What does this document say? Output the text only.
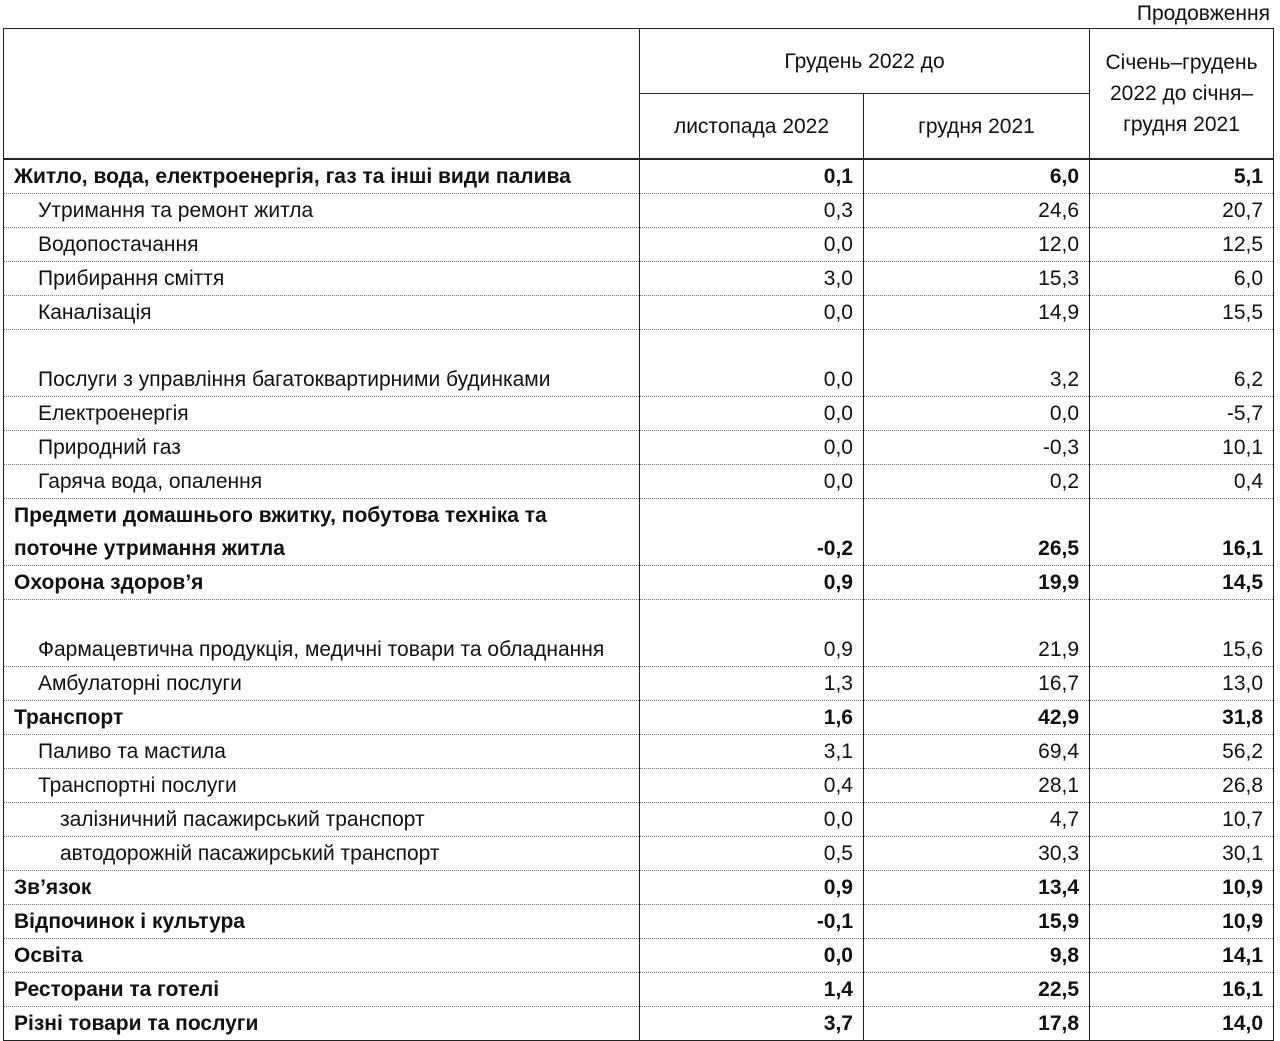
Продовження
	Грудень 2022 до		Січень–грудень 2022 до січня–грудня 2021
	листопада 2022	грудня 2021	
Житло, вода, електроенергія, газ та інші види палива	0,1	6,0	5,1
Утримання та ремонт житла	0,3	24,6	20,7
Водопостачання	0,0	12,0	12,5
Прибирання сміття	3,0	15,3	6,0
Каналізація	0,0	14,9	15,5
Послуги з управління багатоквартирними будинками	0,0	3,2	6,2
Електроенергія	0,0	0,0	-5,7
Природний газ	0,0	-0,3	10,1
Гаряча вода, опалення	0,0	0,2	0,4
Предмети домашнього вжитку, побутова техніка та поточне утримання житла	-0,2	26,5	16,1
Охорона здоров’я	0,9	19,9	14,5
Фармацевтична продукція, медичні товари та обладнання	0,9	21,9	15,6
Амбулаторні послуги	1,3	16,7	13,0
Транспорт	1,6	42,9	31,8
Паливо та мастила	3,1	69,4	56,2
Транспортні послуги	0,4	28,1	26,8
залізничний пасажирський транспорт	0,0	4,7	10,7
автодорожній пасажирський транспорт	0,5	30,3	30,1
Зв’язок	0,9	13,4	10,9
Відпочинок і культура	-0,1	15,9	10,9
Освіта	0,0	9,8	14,1
Ресторани та готелі	1,4	22,5	16,1
Різні товари та послуги	3,7	17,8	14,0
